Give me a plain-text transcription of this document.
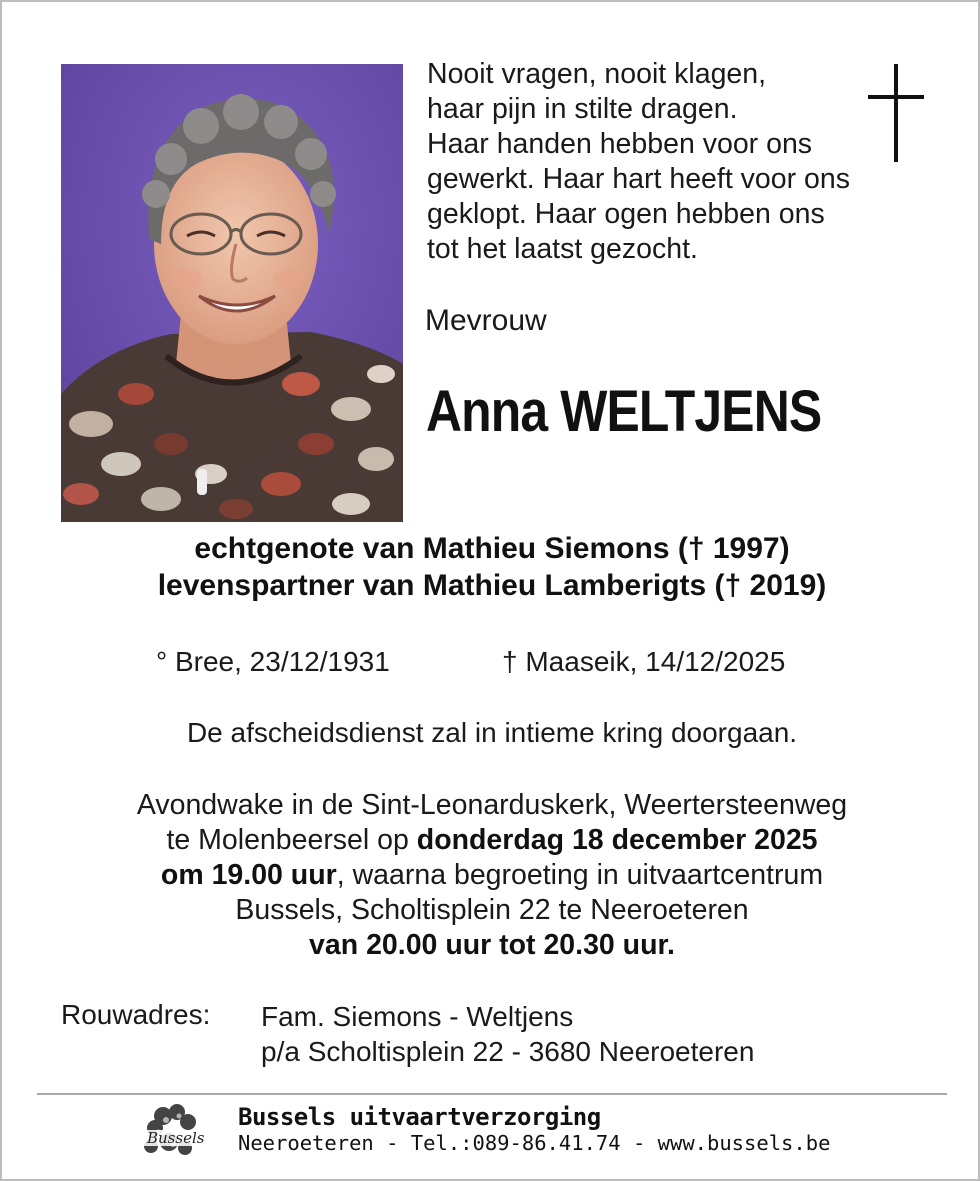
Nooit vragen, nooit klagen,
haar pijn in stilte dragen.
Haar handen hebben voor ons
gewerkt. Haar hart heeft voor ons
geklopt. Haar ogen hebben ons
tot het laatst gezocht.
Mevrouw
Anna WELTJENS
echtgenote van Mathieu Siemons († 1997)
levenspartner van Mathieu Lamberigts († 2019)
° Bree, 23/12/1931	† Maaseik, 14/12/2025
De afscheidsdienst zal in intieme kring doorgaan.
Avondwake in de Sint-Leonarduskerk, Weertersteenweg
te Molenbeersel op donderdag 18 december 2025
om 19.00 uur, waarna begroeting in uitvaartcentrum
Bussels, Scholtisplein 22 te Neeroeteren
van 20.00 uur tot 20.30 uur.
Rouwadres: Fam. Siemons - Weltjens
p/a Scholtisplein 22 - 3680 Neeroeteren
Bussels
Bussels uitvaartverzorging
Neeroeteren - Tel.:089-86.41.74 - www.bussels.be
